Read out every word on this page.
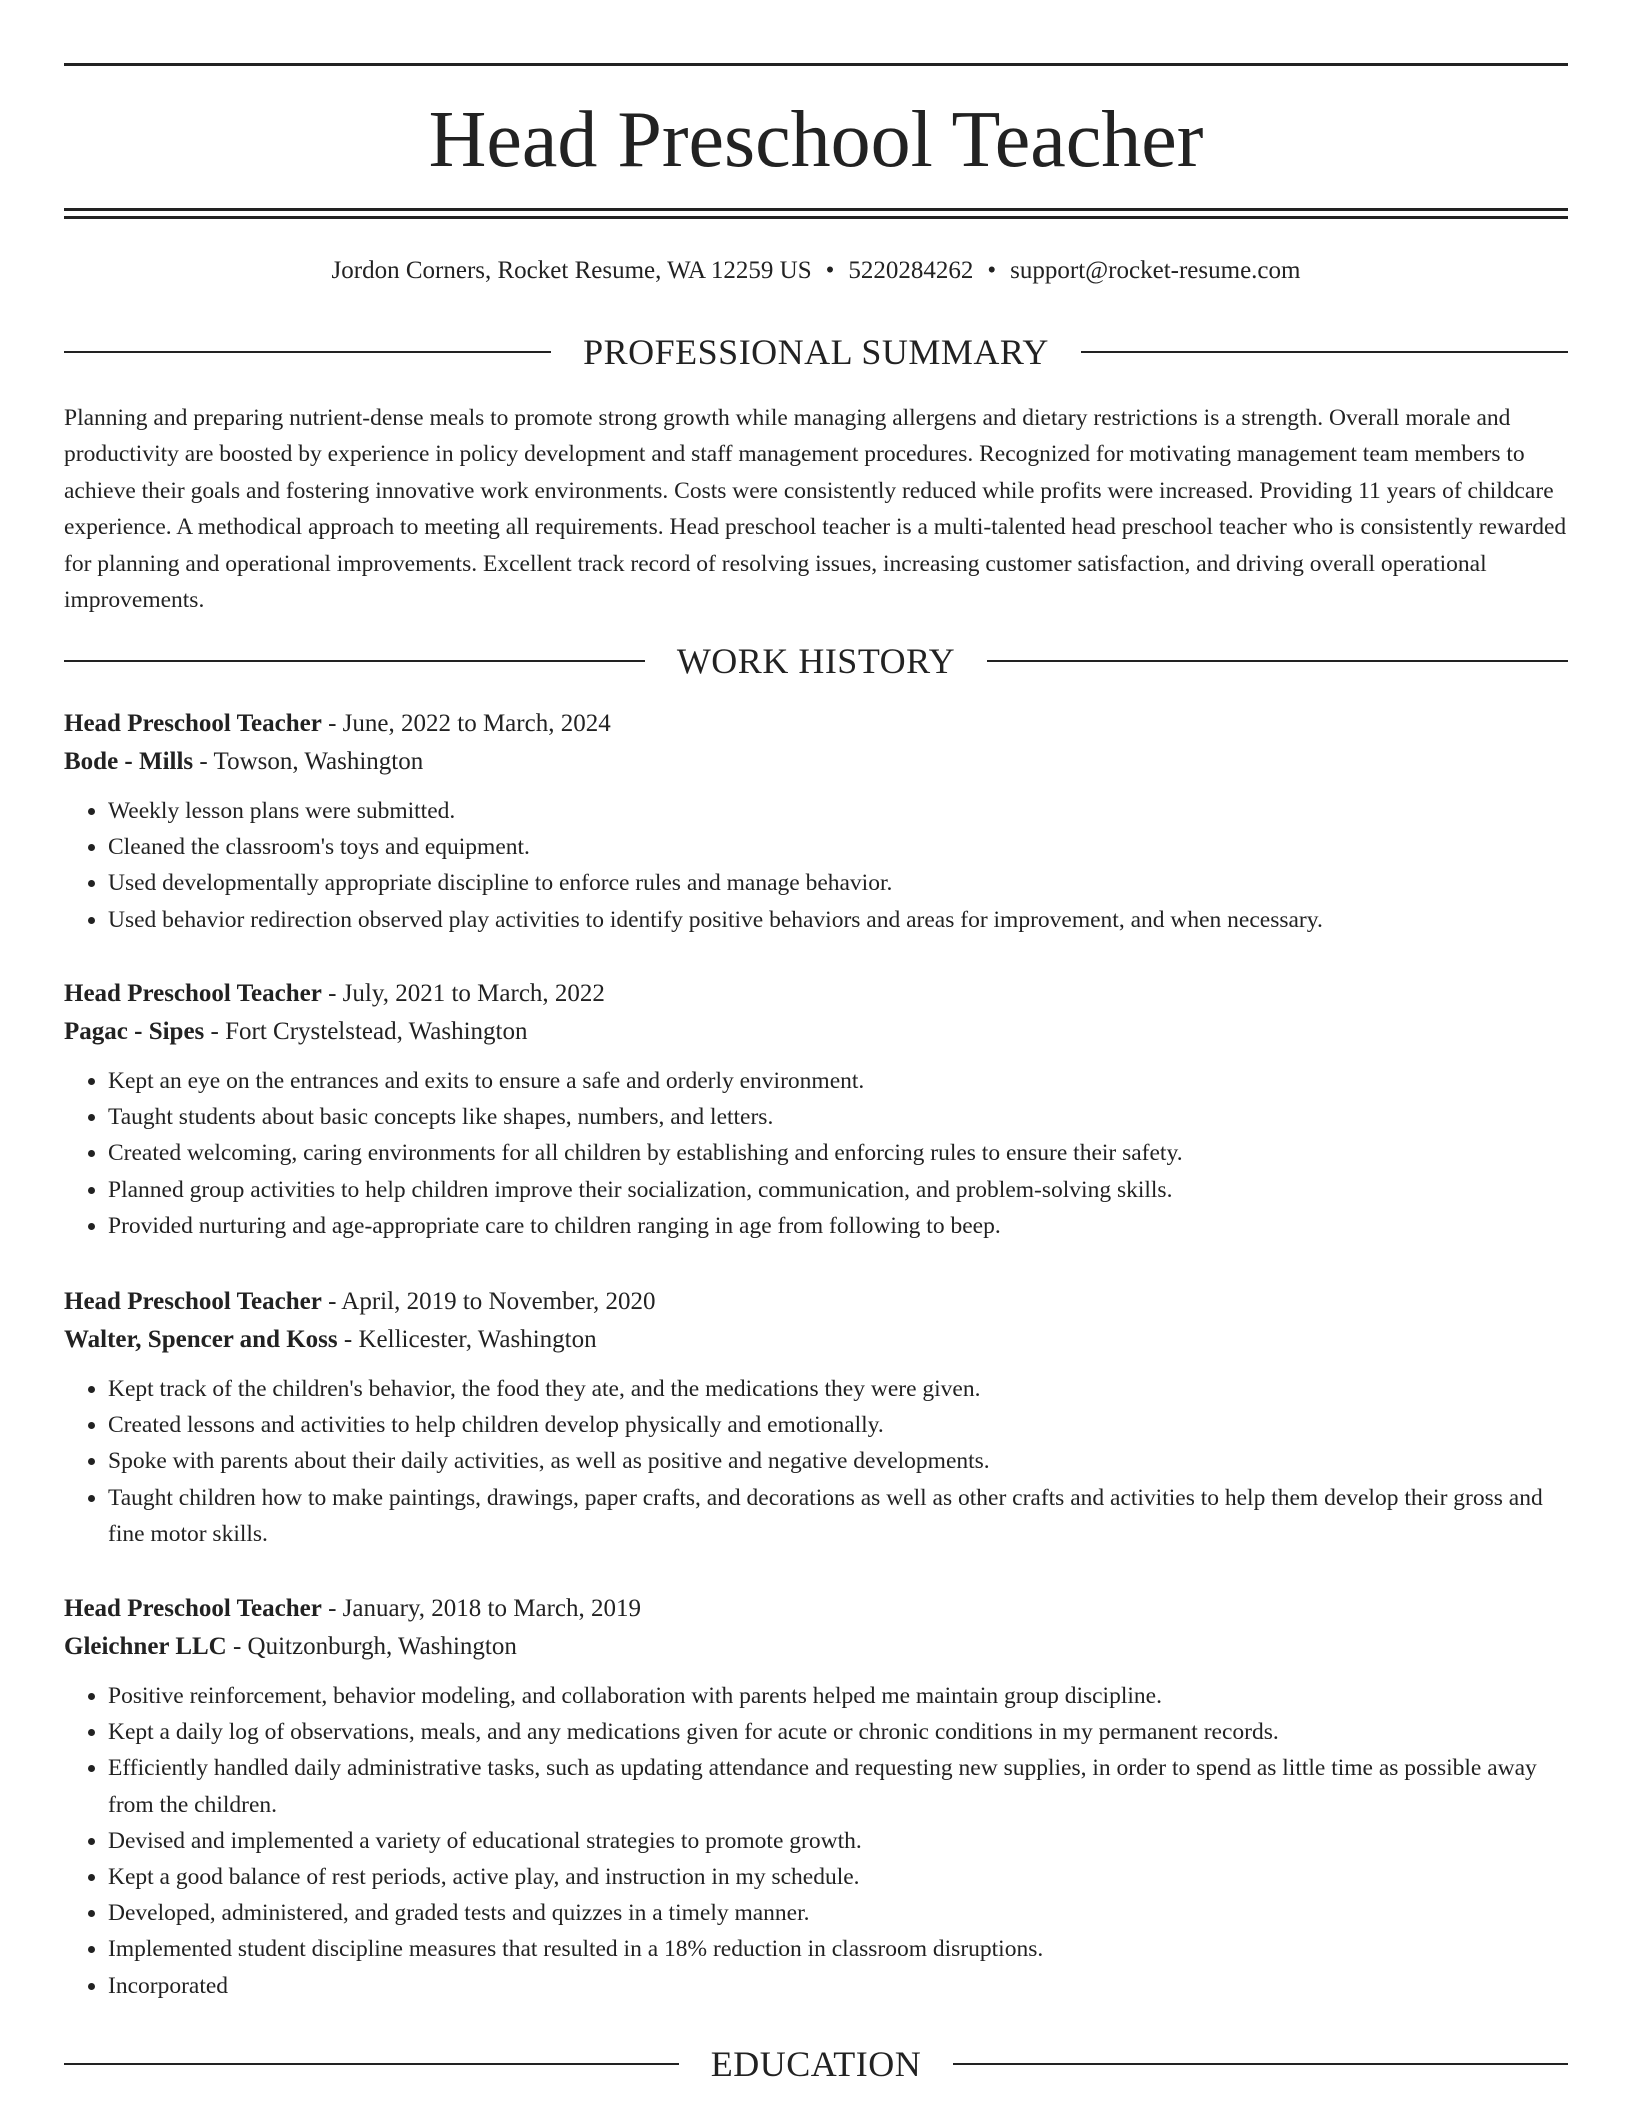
Head Preschool Teacher
Jordon Corners, Rocket Resume, WA 12259 US • 5220284262 • support@rocket-resume.com
PROFESSIONAL SUMMARY

Planning and preparing nutrient-dense meals to promote strong growth while managing allergens and dietary restrictions is a strength. Overall morale and productivity are boosted by experience in policy development and staff management procedures. Recognized for motivating management team members to achieve their goals and fostering innovative work environments. Costs were consistently reduced while profits were increased. Providing 11 years of childcare experience. A methodical approach to meeting all requirements. Head preschool teacher is a multi-talented head preschool teacher who is consistently rewarded for planning and operational improvements. Excellent track record of resolving issues, increasing customer satisfaction, and driving overall operational improvements.

WORK HISTORY
Head Preschool Teacher - June, 2022 to March, 2024
Bode - Mills - Towson, Washington
• Weekly lesson plans were submitted.
• Cleaned the classroom's toys and equipment.
• Used developmentally appropriate discipline to enforce rules and manage behavior.
• Used behavior redirection observed play activities to identify positive behaviors and areas for improvement, and when necessary.
Head Preschool Teacher - July, 2021 to March, 2022
Pagac - Sipes - Fort Crystelstead, Washington
• Kept an eye on the entrances and exits to ensure a safe and orderly environment.
• Taught students about basic concepts like shapes, numbers, and letters.
• Created welcoming, caring environments for all children by establishing and enforcing rules to ensure their safety.
• Planned group activities to help children improve their socialization, communication, and problem-solving skills.
• Provided nurturing and age-appropriate care to children ranging in age from following to beep.
Head Preschool Teacher - April, 2019 to November, 2020
Walter, Spencer and Koss - Kellicester, Washington
• Kept track of the children's behavior, the food they ate, and the medications they were given.
• Created lessons and activities to help children develop physically and emotionally.
• Spoke with parents about their daily activities, as well as positive and negative developments.
• Taught children how to make paintings, drawings, paper crafts, and decorations as well as other crafts and activities to help them develop their gross and fine motor skills.
Head Preschool Teacher - January, 2018 to March, 2019
Gleichner LLC - Quitzonburgh, Washington
• Positive reinforcement, behavior modeling, and collaboration with parents helped me maintain group discipline.
• Kept a daily log of observations, meals, and any medications given for acute or chronic conditions in my permanent records.
• Efficiently handled daily administrative tasks, such as updating attendance and requesting new supplies, in order to spend as little time as possible away from the children.
• Devised and implemented a variety of educational strategies to promote growth.
• Kept a good balance of rest periods, active play, and instruction in my schedule.
• Developed, administered, and graded tests and quizzes in a timely manner.
• Implemented student discipline measures that resulted in a 18% reduction in classroom disruptions.
• Incorporated
EDUCATION
